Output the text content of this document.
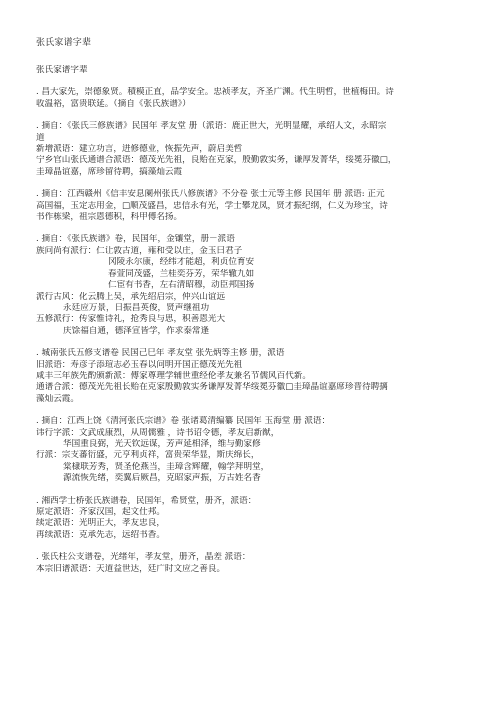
张氏家谱字辈
张氏家谱字辈
. 昌大家先，崇德象贤。積模正直，品学安全。忠祯孝友，齐圣广渊。代生明哲，世植梅田。诗
收温裕，富贵联延。（摘自《张氏族谱》）
. 摘自：《张氏三修族谱》民国年 孝友堂 册（派语：鹿正世大，光明显耀，承绍人文，永昭宗
道
新增派语：建立功言，进修德业，恢振先声，蔚启美哲
宁乡官山张氏通谱合派语：德茂光先祖，良贻在克家，殷勤敦实务，谦厚发菁华，绥冕芬徽□，
圭璋晶谊嘉，席珍留待聘，搞藻灿云霞
. 摘自：江西赣州《信丰安息阑州张氏八修族谱》不分卷 张士元等主修 民国年 册 派语: 正元
高国福，玉定志用金，□顺茂盛昌，忠信永有光，学士攀龙凤，贤才振纪纲，仁义为珍宝，诗
书作栋梁，祖宗恩德积，科甲傅名扬。
. 摘自：《张氏族谱》卷，民国年，金镶堂，册－派语
族问尚有派行：仁让敦古道，雍和受以庄，金玉曰君子
冈陵永尔康，经纬才能超，利贞位育安
春萱同茂盛，兰桂奕芬芳，荣华辙九如
仁宦有书香，左右清昭穆，动臣邦国扬
派行古风：化云腾上吴，承先绍启宗，仲兴山谊远
永廷应万景，日振昌英俊，贤声继祖功
五修派行：传家惟诗礼，抢秀良与思，积善恩光大
庆馀福自通，德泽宣皆学，作求泰常逢
. 城南张氏五修支谱卷 民国己巳年 孝友堂 张先炳等主修 册，派语
旧派语：寿彦子添瑄志必玉春以问明开国正德茂光先祖
咸丰三年族先酌颁新派：傅家尊理学辅世重经伦孝友兼名节儒风百代新。
通谱合派：德茂光先祖长贻在克家殷勤敦实务谦厚发菁华绥冕芬徽□圭璋晶谊嘉席珍晋待聘摛
藻灿云霞。
. 摘自：江西上饶《清河张氏宗谱》卷 张诸葛清编纂 民国年 玉海堂 册 派语：
讳行字派：文武成康烈，从周儒雅 ，诗书诏令德，孝友启新猷，
华国重良弼，光天钦远谋，芳声延相泽，维与勤家修
行派：宗支蕃衍盛，元亨利贞祥，富贵荣华显，斯庆绵长，
棠棣联芳秀，贤圣伦燕当，圭璋含辉耀，翰学拜明堂，
源流恢先绪，奕翼后厥昌，克昭家声振，万古姓名香
. 湘西学士桥张氏族谱卷，民国年，希贤堂，册齐，派语：
原定派语：齐家汉国，起文仕邦。
续定派语：光明正大，孝友忠良，
再续派语：克承先志，远绍书香。
. 张氏柱公支谱卷，光绪年，孝友堂，册齐，晶差 派语：
本宗旧谱派语：天道益世达，廷广时文应之善良。
